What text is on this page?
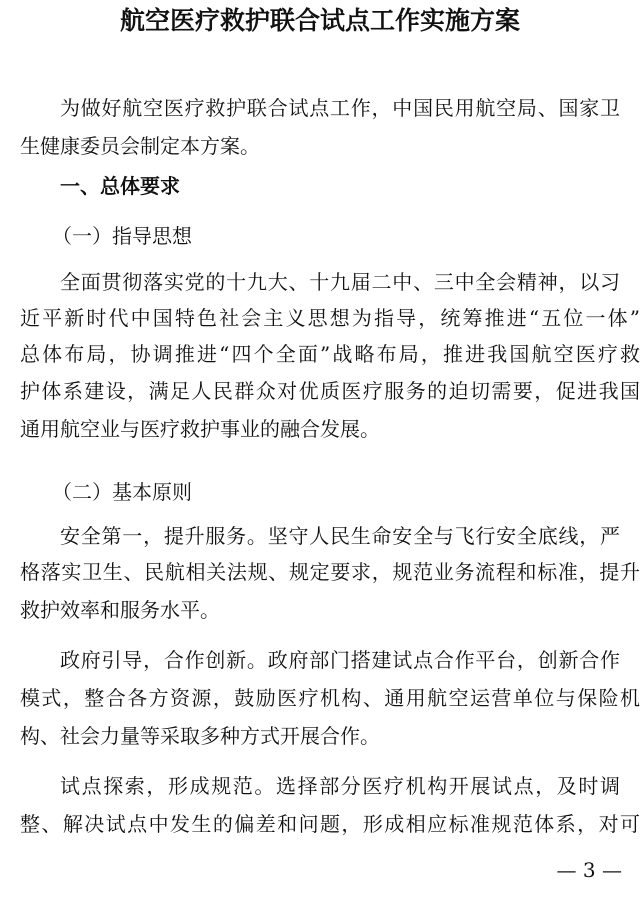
航空医疗救护联合试点工作实施方案
为做好航空医疗救护联合试点工作，中国民用航空局、国家卫
生健康委员会制定本方案。
一、总体要求
（一）指导思想
全面贯彻落实党的十九大、十九届二中、三中全会精神，以习
近平新时代中国特色社会主义思想为指导，统筹推进“五位一体”
总体布局，协调推进“四个全面”战略布局，推进我国航空医疗救
护体系建设，满足人民群众对优质医疗服务的迫切需要，促进我国
通用航空业与医疗救护事业的融合发展。
（二）基本原则
安全第一，提升服务。坚守人民生命安全与飞行安全底线，严
格落实卫生、民航相关法规、规定要求，规范业务流程和标准，提升
救护效率和服务水平。
政府引导，合作创新。政府部门搭建试点合作平台，创新合作
模式，整合各方资源，鼓励医疗机构、通用航空运营单位与保险机
构、社会力量等采取多种方式开展合作。
试点探索，形成规范。选择部分医疗机构开展试点，及时调
整、解决试点中发生的偏差和问题，形成相应标准规范体系，对可
— 3 —
